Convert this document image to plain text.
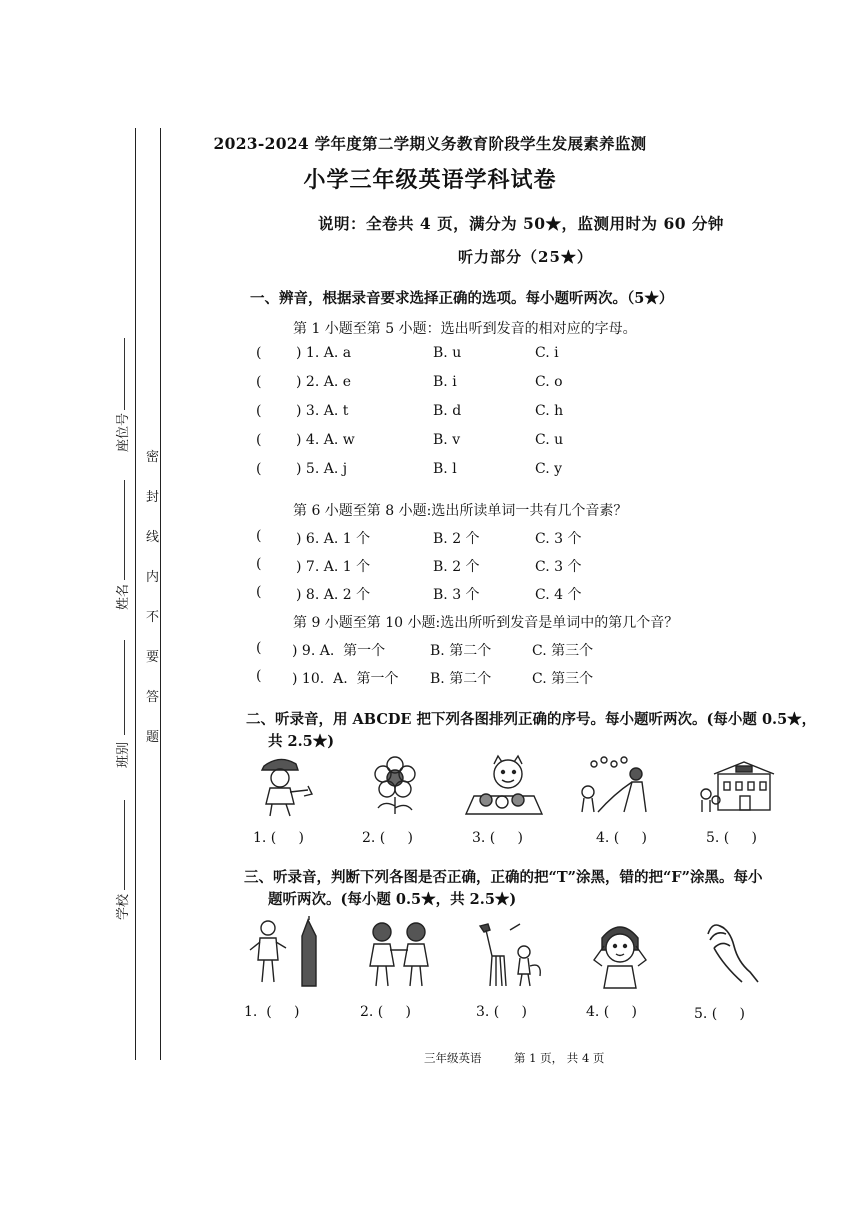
座位号
姓名
班别
学校
密
封
线
内
不
要
答
题
2023-2024 学年度第二学期义务教育阶段学生发展素养监测
小学三年级英语学科试卷
说明：全卷共 4 页，满分为 50★，监测用时为 60 分钟
听力部分（25★）
一、辨音，根据录音要求选择正确的选项。每小题听两次。（5★）
第 1 小题至第 5 小题：选出听到发音的相对应的字母。
( ) 1. A. a	B. u	C. i
( ) 2. A. e	B. i	C. o
( ) 3. A. t	B. d	C. h
( ) 4. A. w	B. v	C. u
( ) 5. A. j	B. l	C. y
第 6 小题至第 8 小题:选出所读单词一共有几个音素？
( ) 6. A. 1 个	B. 2 个	C. 3 个
( ) 7. A. 1 个	B. 2 个	C. 3 个
( ) 8. A. 2 个	B. 3 个	C. 4 个
第 9 小题至第 10 小题:选出所听到发音是单词中的第几个音？
( ) 9. A.  第一个	B. 第二个	C. 第三个
( ) 10.  A.  第一个 B. 第二个	C. 第三个
二、听录音，用 ABCDE 把下列各图排列正确的序号。每小题听两次。(每小题 0.5★，
共 2.5★)
1. (     )	2. (     )	3. (     )	4. (     )	5. (     )
三、听录音，判断下列各图是否正确，正确的把“T”涂黑，错的把“F”涂黑。每小
题听两次。(每小题 0.5★，共 2.5★)
1.  (     )	2. (     )	3. (     )	4. (     )	5. (     )
三年级英语	第 1 页， 共 4 页
